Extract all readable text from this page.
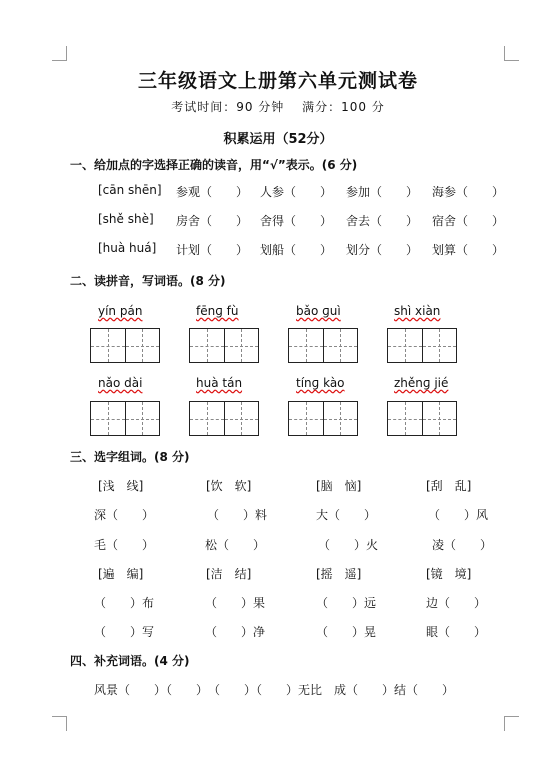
三年级语文上册第六单元测试卷
考试时间：90 分钟　 满分：100 分
积累运用（52分）
一、给加点的字选择正确的读音，用“√”表示。(6 分)
[cān shēn] 参观（　　） 人参（　　） 参加（　　） 海参（　　）
[shě shè] 房舍（　　） 舍得（　　） 舍去（　　） 宿舍（　　）
[huà huá] 计划（　　） 划船（　　） 划分（　　） 划算（　　）
二、读拼音，写词语。(8 分)
yín pán	fēnɡ fù	bǎo ɡuì	shì xiàn
nǎo dài	huà tán	tínɡ kào	zhěnɡ jié
三、选字组词。(8 分)
[浅　线]	[饮　软]	[脑　恼]	[刮　乱]
深（　　）	（　　）料	大（　　）	（　　）风
毛（　　）	松（　　）	（　　）火	凌（　　）
[遍　编]	[洁　结]	[摇　遥]	[镜　境]
（　　）布	（　　）果	（　　）远	边（　　）
（　　）写	（　　）净	（　　）晃	眼（　　）
四、补充词语。(4 分)
风景（　　）（　　）　（　　）（　　）无比　成（　　）结（　　）
